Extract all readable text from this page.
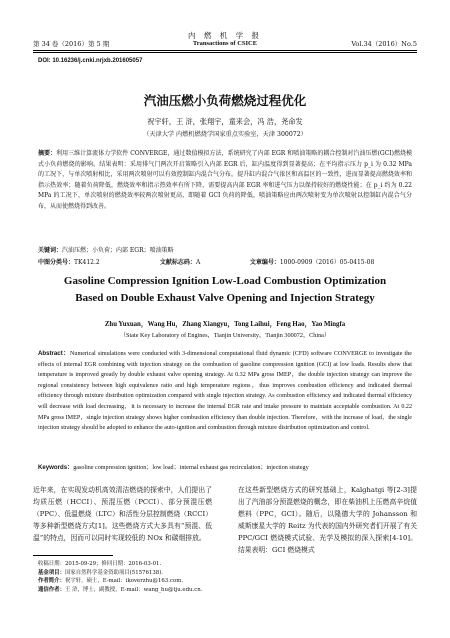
第 34 卷（2016）第 5 期
内 燃 机 学 报
Transactions of CSICE	Vol.34（2016）No.5
DOI: 10.16236/j.cnki.nrjxb.201605057
汽油压燃小负荷燃烧过程优化
祝宇轩，王 浒，张翔宇，童来会，冯 浩，尧命发
（天津大学 内燃机燃烧学国家重点实验室，天津 300072）
摘要：利用三维计算流体力学软件 CONVERGE，通过数值模拟方法，系统研究了内部 EGR 和喷油策略的耦合控制对汽油压燃(GCI)燃烧模式小负荷燃烧的影响。结果表明：采用排气门两次开启策略引入内部 EGR 后，缸内温度得到显著提高；在平均指示压力 p_i 为 0.32 MPa 的工况下，与单次喷射相比，采用两次喷射可以有效控制缸内混合气分布，提升缸内混合气浓区和高温区的一致性，进而显著提高燃烧效率和指示热效率；随着负荷降低，燃烧效率和指示热效率有所下降，需要提高内部 EGR 率和进气压力以保持较好的燃烧性能；在 p_i 约为 0.22 MPa 的工况下，单次喷射的燃烧效率较两次喷射更高，即随着 GCI 负荷的降低，喷油策略应由两次喷射变为单次喷射以控制缸内混合气分布，从而使燃烧得到改善。
关键词：汽油压燃；小负荷；内部 EGR；喷油策略
中图分类号：TK412.2	文献标志码：A	文章编号：1000-0909（2016）05-0415-08
Gasoline Compression Ignition Low-Load Combustion Optimization
Based on Double Exhaust Valve Opening and Injection Strategy
Zhu Yuxuan，Wang Hu，Zhang Xiangyu，Tong Laihui，Feng Hao，Yao Mingfa
（State Key Laboratory of Engines，Tianjin University，Tianjin 300072，China）
Abstract：Numerical simulations were conducted with 3-dimensional computational fluid dynamic (CFD) software CONVERGE to investigate the effects of internal EGR combining with injection strategy on the combustion of gasoline compression ignition (GCI) at low loads. Results show that temperature is improved greatly by double exhaust valve opening strategy. At 0.32 MPa gross IMEP，the double injection strategy can improve the regional consistency between high equivalence ratio and high temperature regions，thus improves combustion efficiency and indicated thermal efficiency through mixture distribution optimization compared with single injection strategy. As combustion efficiency and indicated thermal efficiency will decrease with load decreasing，it is necessary to increase the internal EGR rate and intake pressure to maintain acceptable combustion. At 0.22 MPa gross IMEP，single injection strategy shows higher combustion efficiency than double injection. Therefore，with the increase of load，the single injection strategy should be adopted to enhance the auto-ignition and combustion through mixture distribution optimization and control.
Keywords：gasoline compression ignition；low load；internal exhaust gas recirculation；injection strategy
近年来，在实现发动机高效清洁燃烧的探索中，人们提出了均质压燃（HCCI）、预混压燃（PCCI）、部分预混压燃（PPC）、低温燃烧（LTC）和活性分层控制燃烧（RCCI）等多种新型燃烧方式[1]。这些燃烧方式大多具有“预混、低温”的特点，因而可以同时实现较低的 NOx 和碳烟排放。
在这些新型燃烧方式的研究基础上，Kalghatgi 等[2-3]提出了汽油部分预混燃烧的概念，即在柴油机上压燃高辛烷值燃料（PPC，GCI）。随后，以隆德大学的 Johansson 和威斯康星大学的 Reitz 为代表的国内外研究者们开展了有关 PPC/GCI 燃烧模式试验、光学及模拟的深入探索[4-10]。结果表明：GCI 燃烧模式
收稿日期：2015-09-29；修回日期：2016-03-01.
基金项目：国家自然科学基金资助项目(51576138).
作者简介：祝宇轩，硕士，E-mail：ikoverzhu@163.com.
通信作者：王 浒，博士，副教授，E-mail：wang_hu@tju.edu.cn.
